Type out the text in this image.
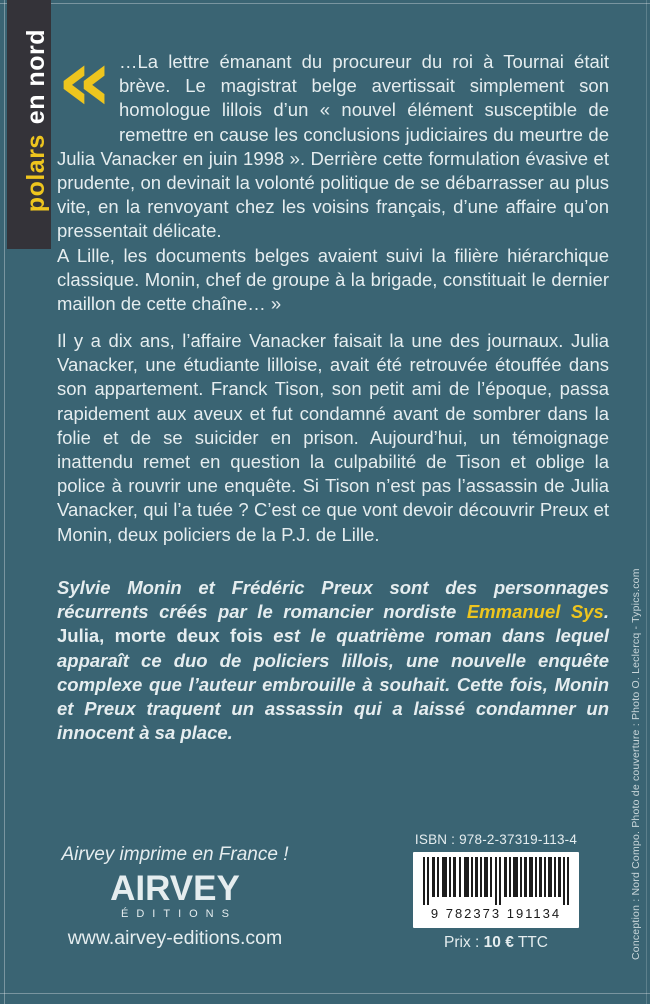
polarsen nord « …La lettre émanant du procureur du roi à Tournai était brève. Le magistrat belge avertissait simplement son homologue lillois d’un « nouvel élément susceptible de remettre en cause les conclusions judiciaires du meurtre de Julia Vanacker en juin 1998 ». Derrière cette formulation évasive et prudente, on devinait la volonté politique de se débarrasser au plus vite, en la renvoyant chez les voisins français, d’une affaire qu’on pressentait délicate.

A Lille, les documents belges avaient suivi la filière hiérarchique classique. Monin, chef de groupe à la brigade, constituait le dernier maillon de cette chaîne… »

Il y a dix ans, l’affaire Vanacker faisait la une des journaux. Julia Vanacker, une étudiante lilloise, avait été retrouvée étouffée dans son appartement. Franck Tison, son petit ami de l’époque, passa rapidement aux aveux et fut condamné avant de sombrer dans la folie et de se suicider en prison. Aujourd’hui, un témoignage inattendu remet en question la culpabilité de Tison et oblige la police à rouvrir une enquête. Si Tison n’est pas l’assassin de Julia Vanacker, qui l’a tuée ? C’est ce que vont devoir découvrir Preux et Monin, deux policiers de la P.J. de Lille.

Sylvie Monin et Frédéric Preux sont des personnages récurrents créés par le romancier nordiste Emmanuel Sys. Julia, morte deux fois est le quatrième roman dans lequel apparaît ce duo de policiers lillois, une nouvelle enquête complexe que l’auteur embrouille à souhait. Cette fois, Monin et Preux traquent un assassin qui a laissé condamner un innocent à sa place.

Airvey imprime en France !
AIRVEY
ÉDITIONS
www.airvey-editions.com
ISBN : 978-2-37319-113-4
9 782373 191134
Prix : 10 € TTC	Conception : Nord Compo. Photo de couverture : Photo O. Leclercq - Typics.com
